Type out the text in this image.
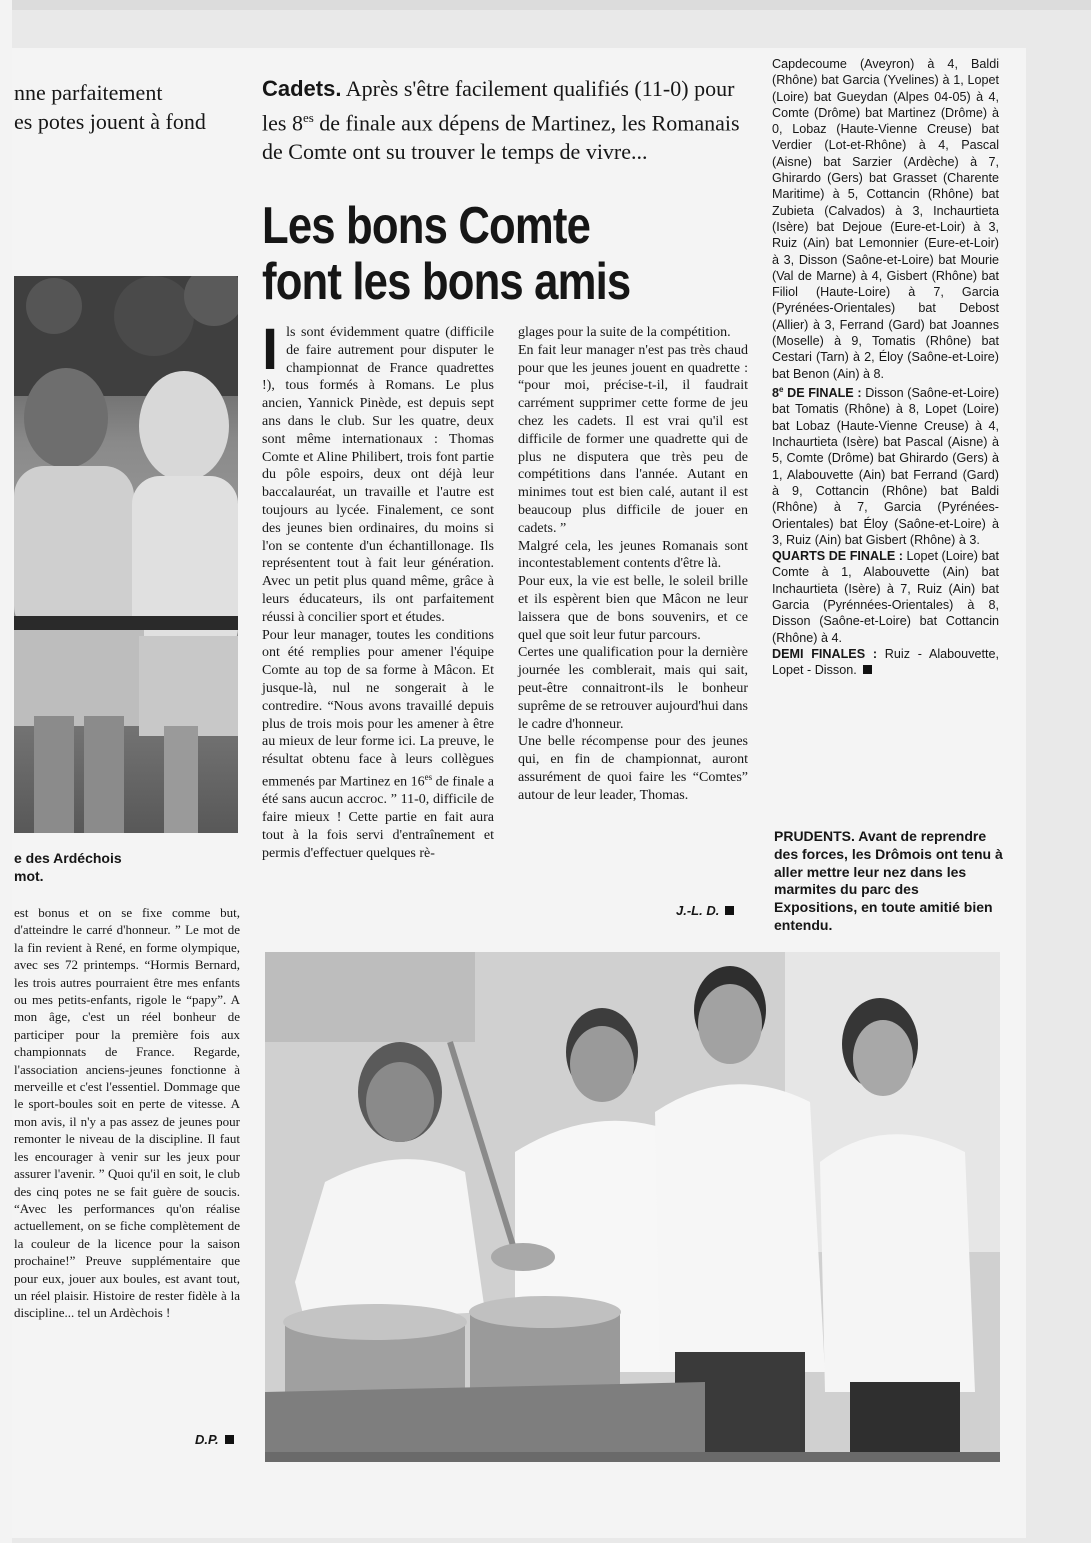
nne parfaitement
es potes jouent à fond
e des Ardéchois
mot.
est bonus et on se fixe comme but, d'atteindre le carré d'honneur. ” Le mot de la fin revient à René, en forme olympique, avec ses 72 printemps. “Hormis Bernard, les trois autres pourraient être mes enfants ou mes petits-enfants, rigole le “papy”. A mon âge, c'est un réel bonheur de participer pour la première fois aux championnats de France. Regarde, l'association anciens-jeunes fonctionne à merveille et c'est l'essentiel. Dommage que le sport-boules soit en perte de vitesse. A mon avis, il n'y a pas assez de jeunes pour remonter le niveau de la discipline. Il faut les encourager à venir sur les jeux pour assurer l'avenir. ” Quoi qu'il en soit, le club des cinq potes ne se fait guère de soucis. “Avec les performances qu'on réalise actuellement, on se fiche complètement de la couleur de la licence pour la saison prochaine!” Preuve supplémentaire que pour eux, jouer aux boules, est avant tout, un réel plaisir. Histoire de rester fidèle à la discipline... tel un Ardèchois !
D.P.
Cadets. Après s'être facilement qualifiés (11-0) pour les $8^{es}$ de finale aux dépens de Martinez, les Romanais de Comte ont su trouver le temps de vivre...
Les bons Comte
font les bons amis
I ls sont évidemment quatre (difficile de faire autrement pour disputer le championnat de France quadrettes !), tous formés à Romans. Le plus ancien, Yannick Pinède, est depuis sept ans dans le club. Sur les quatre, deux sont même internationaux : Thomas Comte et Aline Philibert, trois font partie du pôle espoirs, deux ont déjà leur baccalauréat, un travaille et l'autre est toujours au lycée. Finalement, ce sont des jeunes bien ordinaires, du moins si l'on se contente d'un échantillonage. Ils représentent tout à fait leur génération. Avec un petit plus quand même, grâce à leurs éducateurs, ils ont parfaitement réussi à concilier sport et études.

Pour leur manager, toutes les conditions ont été remplies pour amener l'équipe Comte au top de sa forme à Mâcon. Et jusque-là, nul ne songerait à le contredire. “Nous avons travaillé depuis plus de trois mois pour les amener à être au mieux de leur forme ici. La preuve, le résultat obtenu face à leurs collègues emmenés par Martinez en $16^{es}$ de finale a été sans aucun accroc. ” 11-0, difficile de faire mieux ! Cette partie en fait aura tout à la fois servi d'entraînement et permis d'effectuer quelques rè-

glages pour la suite de la compétition.

En fait leur manager n'est pas très chaud pour que les jeunes jouent en quadrette : “pour moi, précise-t-il, il faudrait carrément supprimer cette forme de jeu chez les cadets. Il est vrai qu'il est difficile de former une quadrette qui de plus ne disputera que très peu de compétitions dans l'année. Autant en minimes tout est bien calé, autant il est beaucoup plus difficile de jouer en cadets. ”

Malgré cela, les jeunes Romanais sont incontestablement contents d'être là.

Pour eux, la vie est belle, le soleil brille et ils espèrent bien que Mâcon ne leur laissera que de bons souvenirs, et ce quel que soit leur futur parcours.

Certes une qualification pour la dernière journée les comblerait, mais qui sait, peut-être connaitront-ils le bonheur suprême de se retrouver aujourd'hui dans le cadre d'honneur.

Une belle récompense pour des jeunes qui, en fin de championnat, auront assurément de quoi faire les “Comtes” autour de leur leader, Thomas.

J.-L. D.

Capdecoume (Aveyron) à 4, Baldi (Rhône) bat Garcia (Yvelines) à 1, Lopet (Loire) bat Gueydan (Alpes 04-05) à 4, Comte (Drôme) bat Martinez (Drôme) à 0, Lobaz (Haute-Vienne Creuse) bat Verdier (Lot-et-Rhône) à 4, Pascal (Aisne) bat Sarzier (Ardèche) à 7, Ghirardo (Gers) bat Grasset (Charente Maritime) à 5, Cottancin (Rhône) bat Zubieta (Calvados) à 3, Inchaurtieta (Isère) bat Dejoue (Eure-et-Loir) à 3, Ruiz (Ain) bat Lemonnier (Eure-et-Loir) à 3, Disson (Saône-et-Loire) bat Mourie (Val de Marne) à 4, Gisbert (Rhône) bat Filiol (Haute-Loire) à 7, Garcia (Pyrénées-Orientales) bat Debost (Allier) à 3, Ferrand (Gard) bat Joannes (Moselle) à 9, Tomatis (Rhône) bat Cestari (Tarn) à 2, Éloy (Saône-et-Loire) bat Benon (Ain) à 8.

8e DE FINALE : Disson (Saône-et-Loire) bat Tomatis (Rhône) à 8, Lopet (Loire) bat Lobaz (Haute-Vienne Creuse) à 4, Inchaurtieta (Isère) bat Pascal (Aisne) à 5, Comte (Drôme) bat Ghirardo (Gers) à 1, Alabouvette (Ain) bat Ferrand (Gard) à 9, Cottancin (Rhône) bat Baldi (Rhône) à 7, Garcia (Pyrénées-Orientales) bat Éloy (Saône-et-Loire) à 3, Ruiz (Ain) bat Gisbert (Rhône) à 3.

QUARTS DE FINALE : Lopet (Loire) bat Comte à 1, Alabouvette (Ain) bat Inchaurtieta (Isère) à 7, Ruiz (Ain) bat Garcia (Pyrénnées-Orientales) à 8, Disson (Saône-et-Loire) bat Cottancin (Rhône) à 4.

DEMI FINALES : Ruiz - Alabouvette, Lopet - Disson.

PRUDENTS. Avant de reprendre des forces, les Drômois ont tenu à aller mettre leur nez dans les marmites du parc des Expositions, en toute amitié bien entendu.
